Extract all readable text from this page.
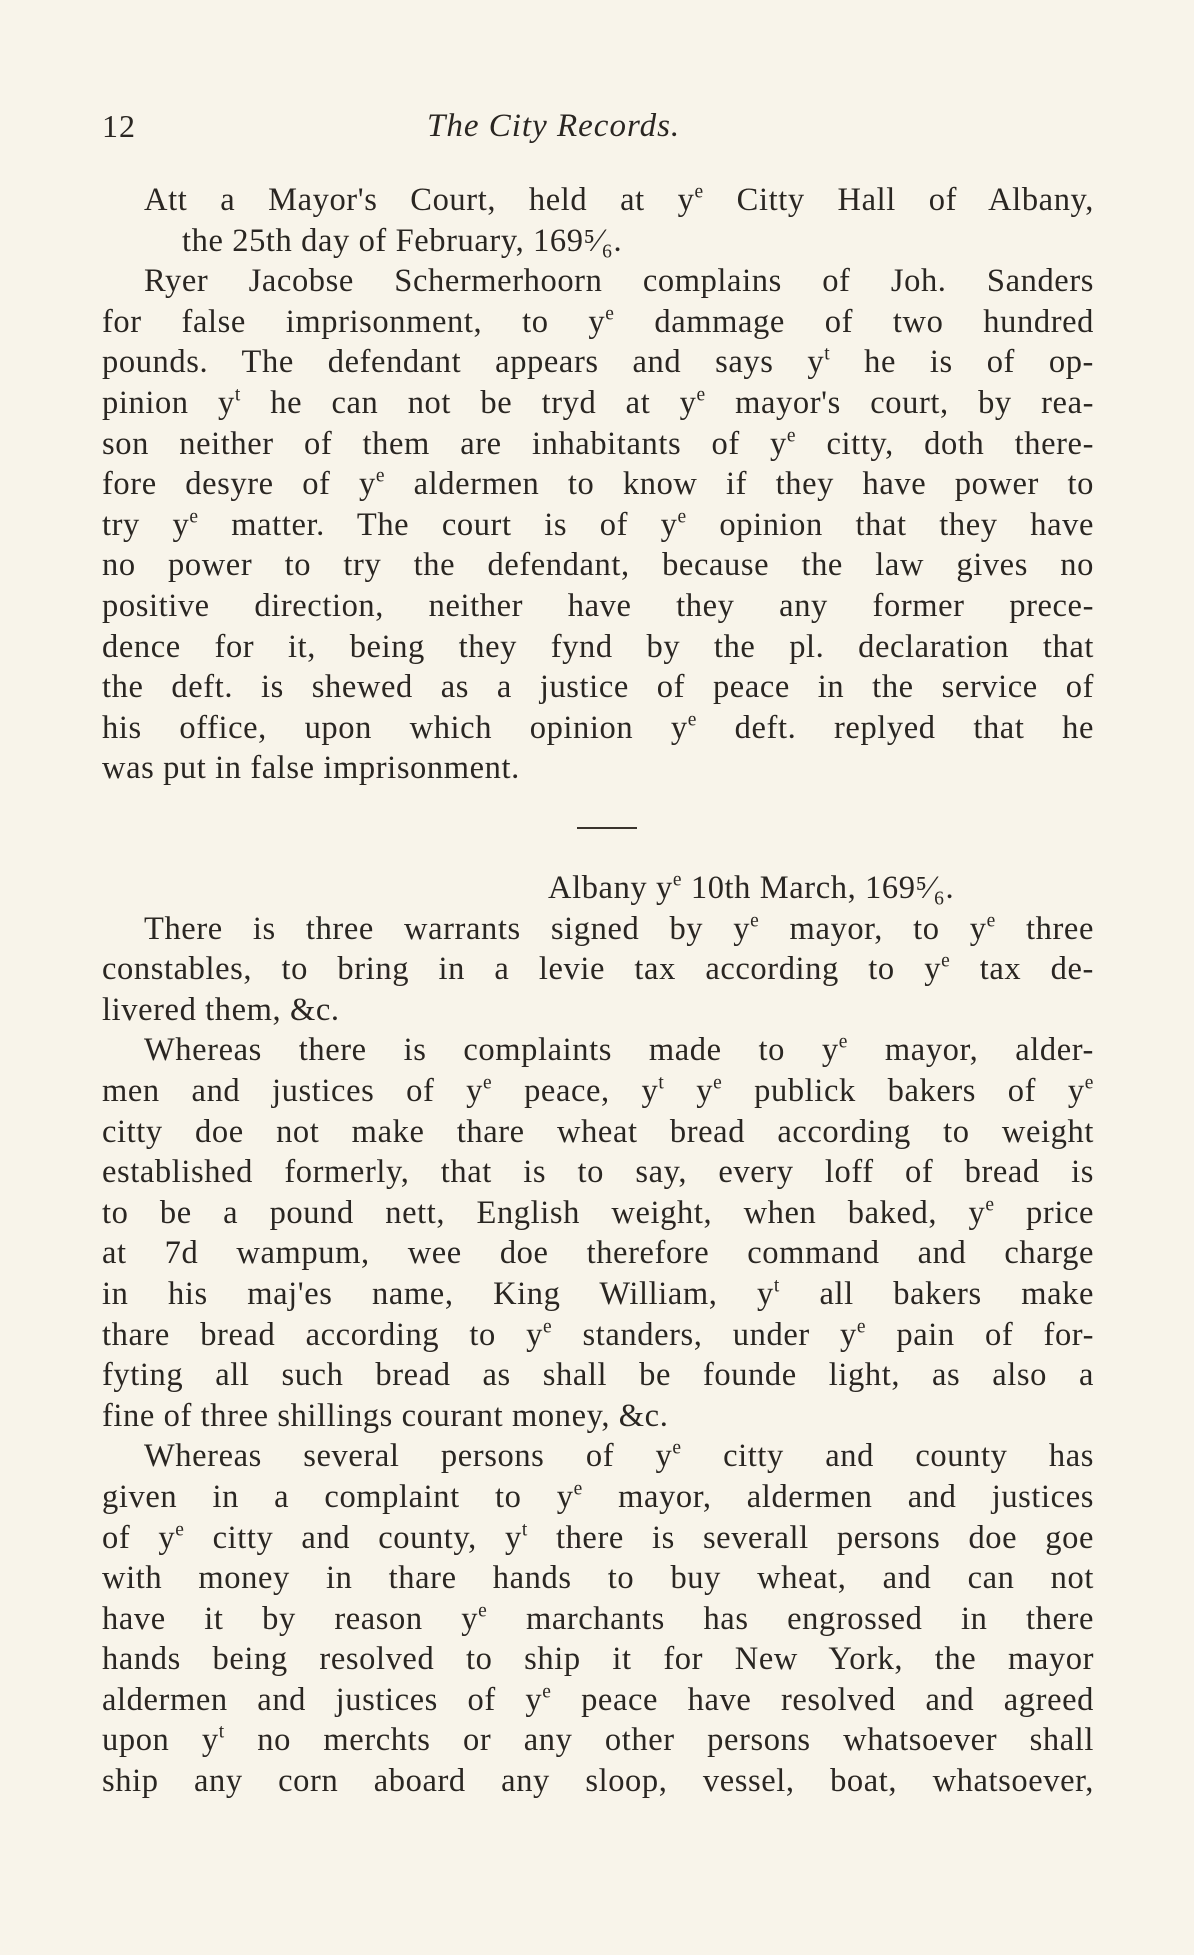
12	The City Records.
Att a Mayor's Court, held at $y^e$ Citty Hall of Albany,
the 25th day of February, 169⁵⁄₆.
Ryer Jacobse Schermerhoorn complains of Joh. Sanders
for false imprisonment, to $y^e$ dammage of two hundred
pounds. The defendant appears and says $y^t$ he is of op-
pinion $y^t$ he can not be tryd at $y^e$ mayor's court, by rea-
son neither of them are inhabitants of $y^e$ citty, doth there-
fore desyre of $y^e$ aldermen to know if they have power to
try $y^e$ matter. The court is of $y^e$ opinion that they have
no power to try the defendant, because the law gives no
positive direction, neither have they any former prece-
dence for it, being they fynd by the pl. declaration that
the deft. is shewed as a justice of peace in the service of
his office, upon which opinion $y^e$ deft. replyed that he
was put in false imprisonment.
Albany $y^e$ 10th March, 169⁵⁄₆.
There is three warrants signed by $y^e$ mayor, to $y^e$ three
constables, to bring in a levie tax according to $y^e$ tax de-
livered them, &c.
Whereas there is complaints made to $y^e$ mayor, alder-
men and justices of $y^e$ peace, $y^t$ $y^e$ publick bakers of $y^e$
citty doe not make thare wheat bread according to weight
established formerly, that is to say, every loff of bread is
to be a pound nett, English weight, when baked, $y^e$ price
at 7d wampum, wee doe therefore command and charge
in his maj'es name, King William, $y^t$ all bakers make
thare bread according to $y^e$ standers, under $y^e$ pain of for-
fyting all such bread as shall be founde light, as also a
fine of three shillings courant money, &c.
Whereas several persons of $y^e$ citty and county has
given in a complaint to $y^e$ mayor, aldermen and justices
of $y^e$ citty and county, $y^t$ there is severall persons doe goe
with money in thare hands to buy wheat, and can not
have it by reason $y^e$ marchants has engrossed in there
hands being resolved to ship it for New York, the mayor
aldermen and justices of $y^e$ peace have resolved and agreed
upon $y^t$ no merchts or any other persons whatsoever shall
ship any corn aboard any sloop, vessel, boat, whatsoever,
